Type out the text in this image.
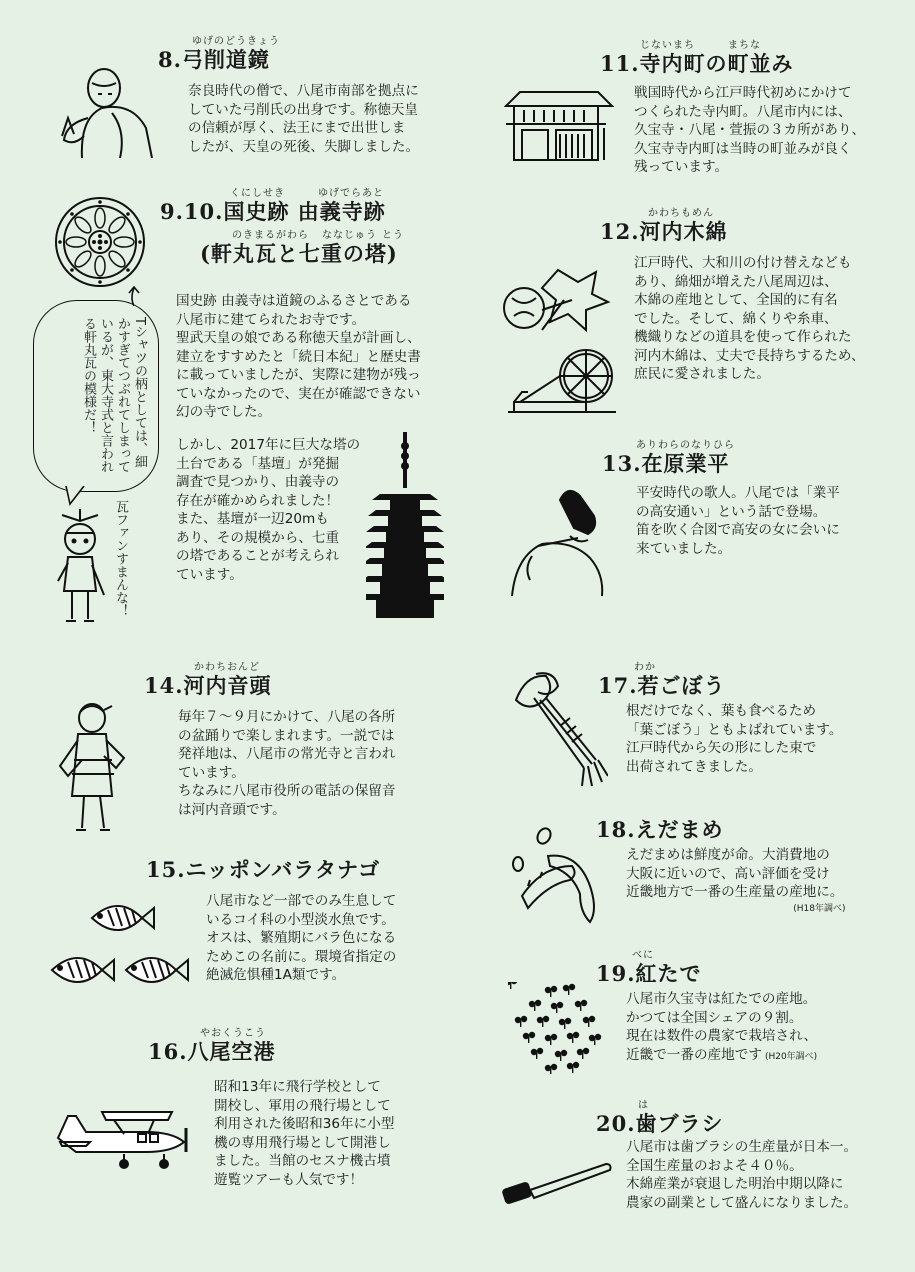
ゆげのどうきょう
8.弓削道鏡
奈良時代の僧で、八尾市南部を拠点に
していた弓削氏の出身です。称徳天皇
の信頼が厚く、法王にまで出世しま
したが、天皇の死後、失脚しました。
くにしせき	ゆげでらあと
9.10.国史跡 由義寺跡
のきまるがわら ななじゅう とう
(軒丸瓦と七重の塔)
Tシャツの柄としては、細かすぎてつぶれてしまっているが、東大寺式と言われる軒丸瓦の模様だ！
瓦ファンすまんな！
国史跡 由義寺は道鏡のふるさとである
八尾市に建てられたお寺です。
聖武天皇の娘である称徳天皇が計画し、
建立をすすめたと「続日本紀」と歴史書
に載っていましたが、実際に建物が残っ
ていなかったので、実在が確認できない
幻の寺でした。
しかし、2017年に巨大な塔の
土台である「基壇」が発掘
調査で見つかり、由義寺の
存在が確かめられました！
また、基壇が一辺20mも
あり、その規模から、七重
の塔であることが考えられ
ています。
じないまち	まちな
11.寺内町の町並み
戦国時代から江戸時代初めにかけて
つくられた寺内町。八尾市内には、
久宝寺・八尾・萱振の３カ所があり、
久宝寺寺内町は当時の町並みが良く
残っています。
かわちもめん
12.河内木綿
江戸時代、大和川の付け替えなども
あり、綿畑が増えた八尾周辺は、
木綿の産地として、全国的に有名
でした。そして、綿くりや糸車、
機織りなどの道具を使って作られた
河内木綿は、丈夫で長持ちするため、
庶民に愛されました。
ありわらのなりひら
13.在原業平
平安時代の歌人。八尾では「業平
の高安通い」という話で登場。
笛を吹く合図で高安の女に会いに
来ていました。
かわちおんど
14.河内音頭
毎年７～９月にかけて、八尾の各所
の盆踊りで楽しまれます。一説では
発祥地は、八尾市の常光寺と言われ
ています。
ちなみに八尾市役所の電話の保留音
は河内音頭です。
15.ニッポンバラタナゴ
八尾市など一部でのみ生息して
いるコイ科の小型淡水魚です。
オスは、繁殖期にバラ色になる
ためこの名前に。環境省指定の
絶滅危惧種1A類です。
やおくうこう
16.八尾空港
昭和13年に飛行学校として
開校し、軍用の飛行場として
利用された後昭和36年に小型
機の専用飛行場として開港し
ました。当館のセスナ機古墳
遊覧ツアーも人気です！
わか
17.若ごぼう
根だけでなく、葉も食べるため
「葉ごぼう」ともよばれています。
江戸時代から矢の形にした束で
出荷されてきました。
18.えだまめ
えだまめは鮮度が命。大消費地の
大阪に近いので、高い評価を受け
近畿地方で一番の生産量の産地に。
(H18年調べ)
べに
19.紅たで
八尾市久宝寺は紅たでの産地。
かつては全国シェアの９割。
現在は数件の農家で栽培され、
近畿で一番の産地です (H20年調べ)
は
20.歯ブラシ
八尾市は歯ブラシの生産量が日本一。
全国生産量のおよそ４０％。
木綿産業が衰退した明治中期以降に
農家の副業として盛んになりました。
